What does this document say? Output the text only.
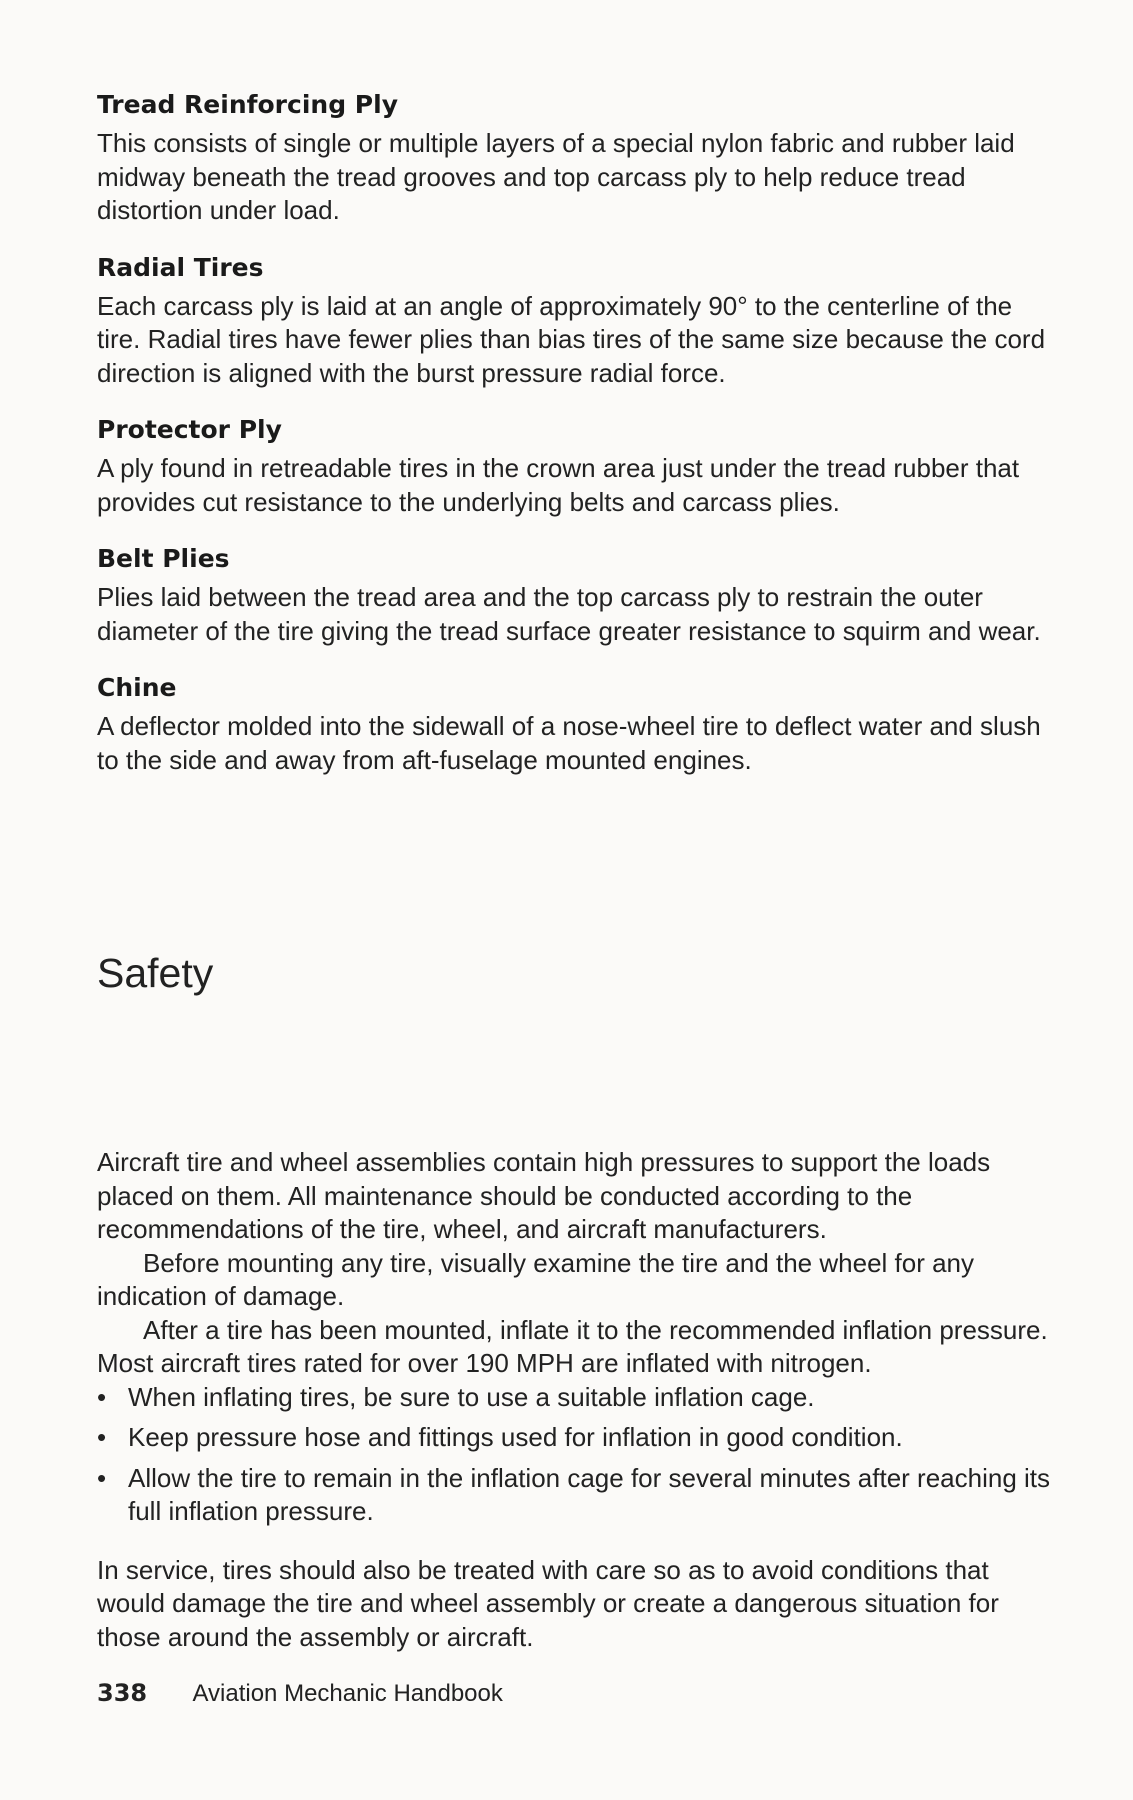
Tread Reinforcing Ply

This consists of single or multiple layers of a special nylon fabric and rubber laid midway beneath the tread grooves and top carcass ply to help reduce tread distortion under load.

Radial Tires

Each carcass ply is laid at an angle of approximately 90° to the centerline of the tire. Radial tires have fewer plies than bias tires of the same size because the cord direction is aligned with the burst pressure radial force.

Protector Ply

A ply found in retreadable tires in the crown area just under the tread rubber that provides cut resistance to the underlying belts and carcass plies.

Belt Plies

Plies laid between the tread area and the top carcass ply to restrain the outer diameter of the tire giving the tread surface greater resistance to squirm and wear.

Chine

A deflector molded into the sidewall of a nose-wheel tire to deflect water and slush to the side and away from aft-fuselage mounted engines.

Safety

Aircraft tire and wheel assemblies contain high pressures to support the loads placed on them. All maintenance should be conducted according to the recommendations of the tire, wheel, and aircraft manufacturers.

Before mounting any tire, visually examine the tire and the wheel for any indication of damage.

After a tire has been mounted, inflate it to the recommended inflation pressure. Most aircraft tires rated for over 190 MPH are inflated with nitrogen.

• When inflating tires, be sure to use a suitable inflation cage.
• Keep pressure hose and fittings used for inflation in good condition.
• Allow the tire to remain in the inflation cage for several minutes after reaching its full inflation pressure.

In service, tires should also be treated with care so as to avoid conditions that would damage the tire and wheel assembly or create a dangerous situation for those around the assembly or aircraft.

338 Aviation Mechanic Handbook
